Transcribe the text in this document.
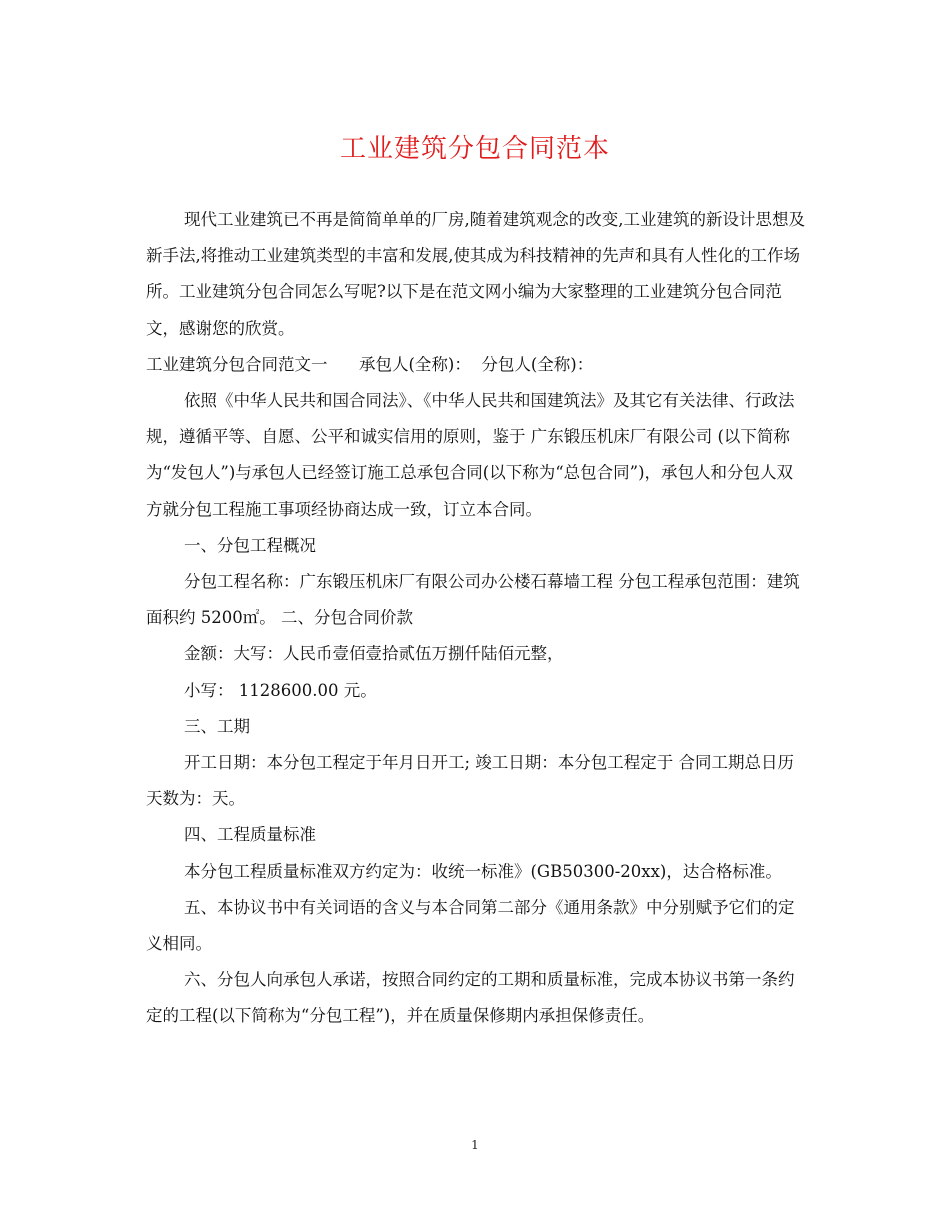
工业建筑分包合同范本

现代工业建筑已不再是简简单单的厂房,随着建筑观念的改变,工业建筑的新设计思想及新手法,将推动工业建筑类型的丰富和发展,使其成为科技精神的先声和具有人性化的工作场所。工业建筑分包合同怎么写呢?以下是在范文网小编为大家整理的工业建筑分包合同范文，感谢您的欣赏。

工业建筑分包合同范文一      承包人(全称)：  分包人(全称)：

依照《中华人民共和国合同法》、《中华人民共和国建筑法》及其它有关法律、行政法规，遵循平等、自愿、公平和诚实信用的原则，鉴于 广东锻压机床厂有限公司 (以下简称为“发包人”)与承包人已经签订施工总承包合同(以下称为“总包合同”)，承包人和分包人双方就分包工程施工事项经协商达成一致，订立本合同。

一、分包工程概况

分包工程名称：广东锻压机床厂有限公司办公楼石幕墙工程 分包工程承包范围：建筑面积约 5200㎡。 二、分包合同价款

金额：大写：人民币壹佰壹拾贰伍万捌仟陆佰元整，

小写： 1128600.00 元。

三、工期

开工日期：本分包工程定于年月日开工; 竣工日期：本分包工程定于 合同工期总日历天数为：天。

四、工程质量标准

本分包工程质量标准双方约定为：收统一标准》(GB50300-20xx)，达合格标准。

五、本协议书中有关词语的含义与本合同第二部分《通用条款》中分别赋予它们的定义相同。

六、分包人向承包人承诺，按照合同约定的工期和质量标准，完成本协议书第一条约定的工程(以下简称为“分包工程”)，并在质量保修期内承担保修责任。

1
